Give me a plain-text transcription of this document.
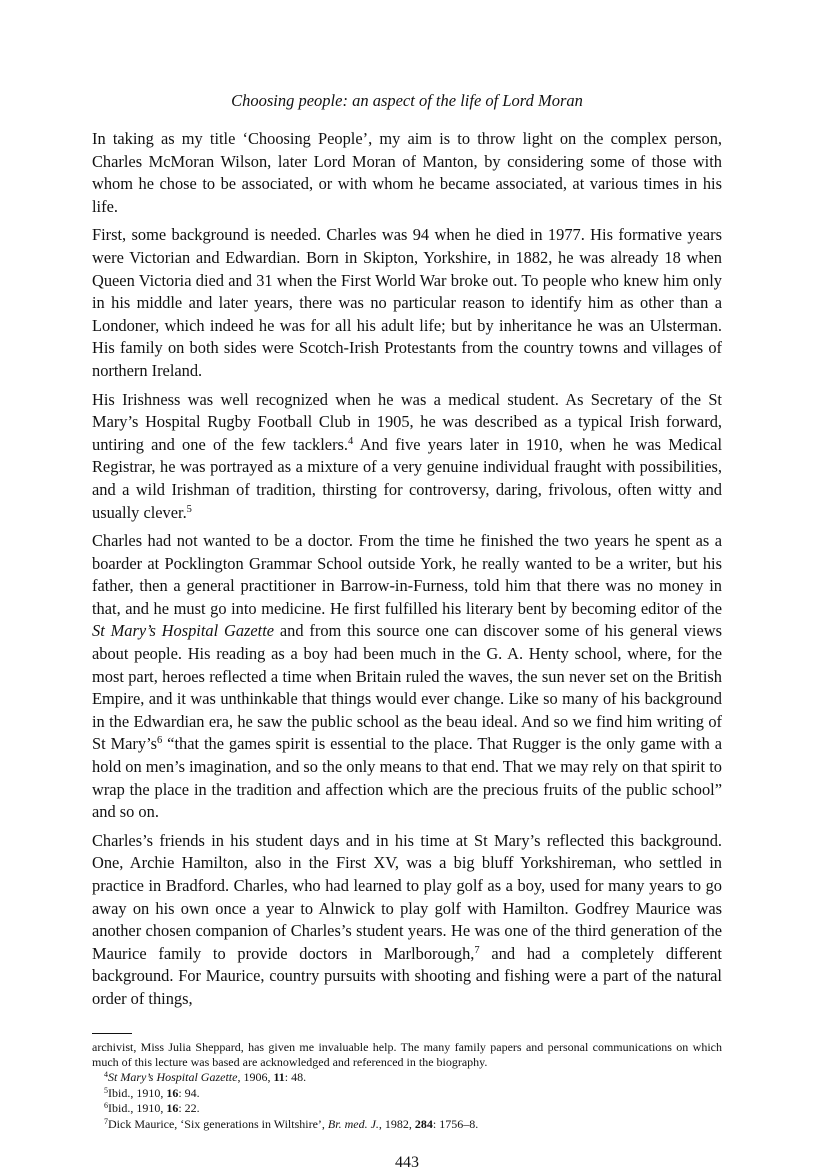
Choosing people: an aspect of the life of Lord Moran

In taking as my title ‘Choosing People’, my aim is to throw light on the complex person, Charles McMoran Wilson, later Lord Moran of Manton, by considering some of those with whom he chose to be associated, or with whom he became associated, at various times in his life.

First, some background is needed. Charles was 94 when he died in 1977. His formative years were Victorian and Edwardian. Born in Skipton, Yorkshire, in 1882, he was already 18 when Queen Victoria died and 31 when the First World War broke out. To people who knew him only in his middle and later years, there was no particular reason to identify him as other than a Londoner, which indeed he was for all his adult life; but by inheritance he was an Ulsterman. His family on both sides were Scotch-Irish Protestants from the country towns and villages of northern Ireland.

His Irishness was well recognized when he was a medical student. As Secretary of the St Mary’s Hospital Rugby Football Club in 1905, he was described as a typical Irish forward, untiring and one of the few tacklers.$^4$ And five years later in 1910, when he was Medical Registrar, he was portrayed as a mixture of a very genuine individual fraught with possibilities, and a wild Irishman of tradition, thirsting for controversy, daring, frivolous, often witty and usually clever.$^5$

Charles had not wanted to be a doctor. From the time he finished the two years he spent as a boarder at Pocklington Grammar School outside York, he really wanted to be a writer, but his father, then a general practitioner in Barrow-in-Furness, told him that there was no money in that, and he must go into medicine. He first fulfilled his literary bent by becoming editor of the St Mary’s Hospital Gazette and from this source one can discover some of his general views about people. His reading as a boy had been much in the G. A. Henty school, where, for the most part, heroes reflected a time when Britain ruled the waves, the sun never set on the British Empire, and it was unthinkable that things would ever change. Like so many of his background in the Edwardian era, he saw the public school as the beau ideal. And so we find him writing of St $Mary’s^6$ “that the games spirit is essential to the place. That Rugger is the only game with a hold on men’s imagination, and so the only means to that end. That we may rely on that spirit to wrap the place in the tradition and affection which are the precious fruits of the public school” and so on.

Charles’s friends in his student days and in his time at St Mary’s reflected this background. One, Archie Hamilton, also in the First XV, was a big bluff Yorkshireman, who settled in practice in Bradford. Charles, who had learned to play golf as a boy, used for many years to go away on his own once a year to Alnwick to play golf with Hamilton. Godfrey Maurice was another chosen companion of Charles’s student years. He was one of the third generation of the Maurice family to provide doctors in Marlborough,$^7$ and had a completely different background. For Maurice, country pursuits with shooting and fishing were a part of the natural order of things,

archivist, Miss Julia Sheppard, has given me invaluable help. The many family papers and personal communications on which much of this lecture was based are acknowledged and referenced in the biography.

$^4$St Mary’s Hospital Gazette, 1906, 11: 48.

$^5$Ibid., 1910, 16: 94.

$^6$Ibid., 1910, 16: 22.

$^7$Dick Maurice, ‘Six generations in Wiltshire’, Br. med. J., 1982, 284: 1756–8.

443
